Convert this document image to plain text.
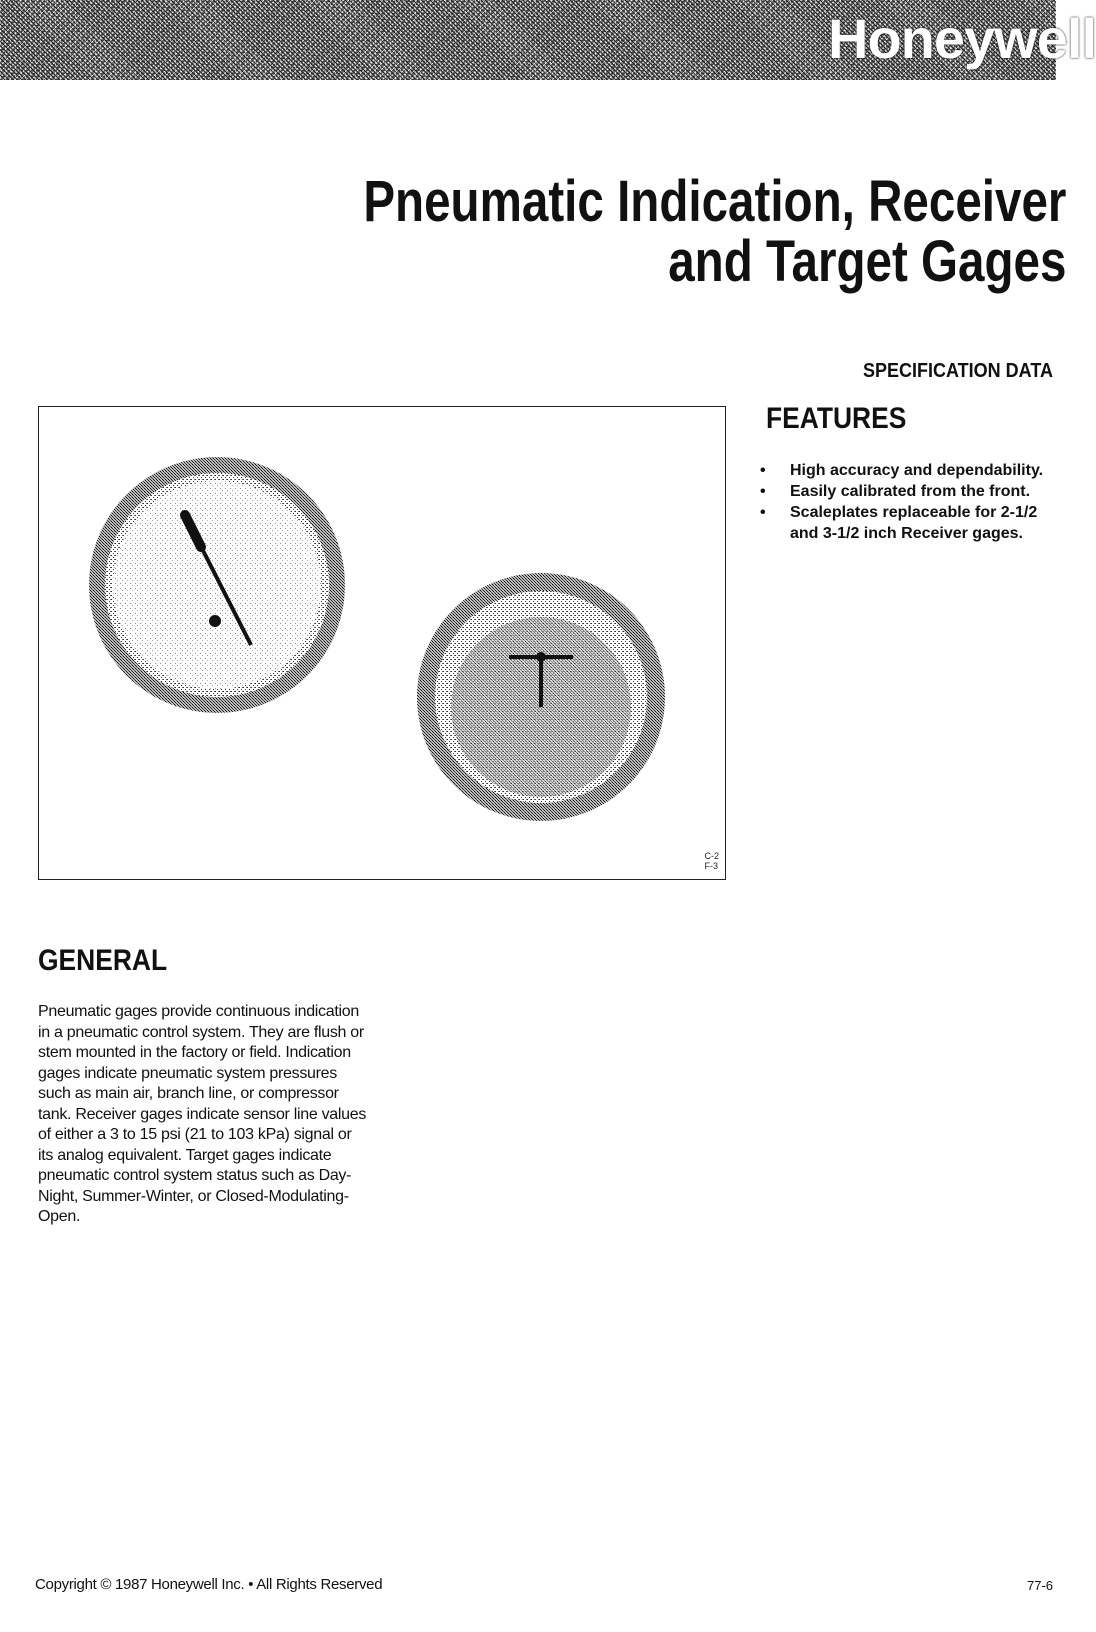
Honeywell
Pneumatic Indication, Receiver
and Target Gages
SPECIFICATION DATA
FEATURES
• High accuracy and dependability.
• Easily calibrated from the front.
• Scaleplates replaceable for 2-1/2
and 3-1/2 inch Receiver gages.
C-2
F-3
GENERAL
Pneumatic gages provide continuous indication in a pneumatic control system. They are flush or stem mounted in the factory or field. Indication gages indicate pneumatic system pressures such as main air, branch line, or compressor tank. Receiver gages indicate sensor line values of either a 3 to 15 psi (21 to 103 kPa) signal or its analog equivalent. Target gages indicate pneumatic control system status such as Day-Night, Summer-Winter, or Closed-Modulating-Open.
Copyright © 1987 Honeywell Inc. • All Rights Reserved	77-6
